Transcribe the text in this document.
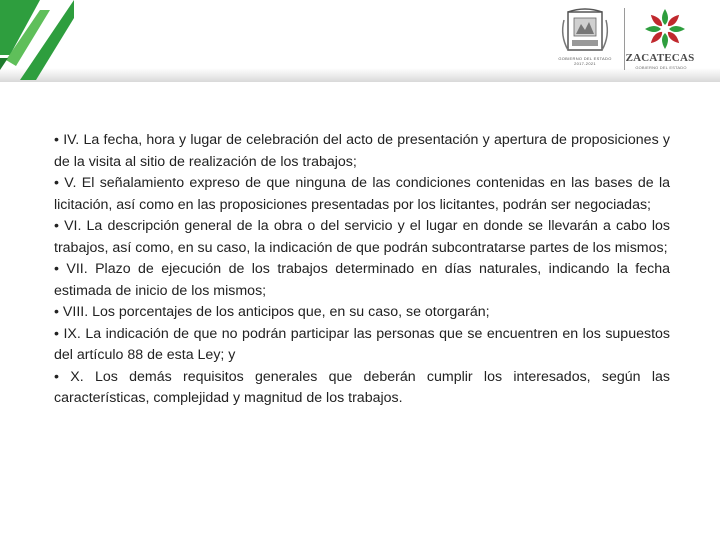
GOBIERNO DEL ESTADO 2017-2021	ZACATECAS
GOBIERNO DEL ESTADO

• IV. La fecha, hora y lugar de celebración del acto de presentación y apertura de proposiciones y de la visita al sitio de realización de los trabajos;

• V. El señalamiento expreso de que ninguna de las condiciones contenidas en las bases de la licitación, así como en las proposiciones presentadas por los licitantes, podrán ser negociadas;

• VI. La descripción general de la obra o del servicio y el lugar en donde se llevarán a cabo los trabajos, así como, en su caso, la indicación de que podrán subcontratarse partes de los mismos;

• VII. Plazo de ejecución de los trabajos determinado en días naturales, indicando la fecha estimada de inicio de los mismos;

• VIII. Los porcentajes de los anticipos que, en su caso, se otorgarán;

• IX. La indicación de que no podrán participar las personas que se encuentren en los supuestos del artículo 88 de esta Ley; y

• X. Los demás requisitos generales que deberán cumplir los interesados, según las características, complejidad y magnitud de los trabajos.
